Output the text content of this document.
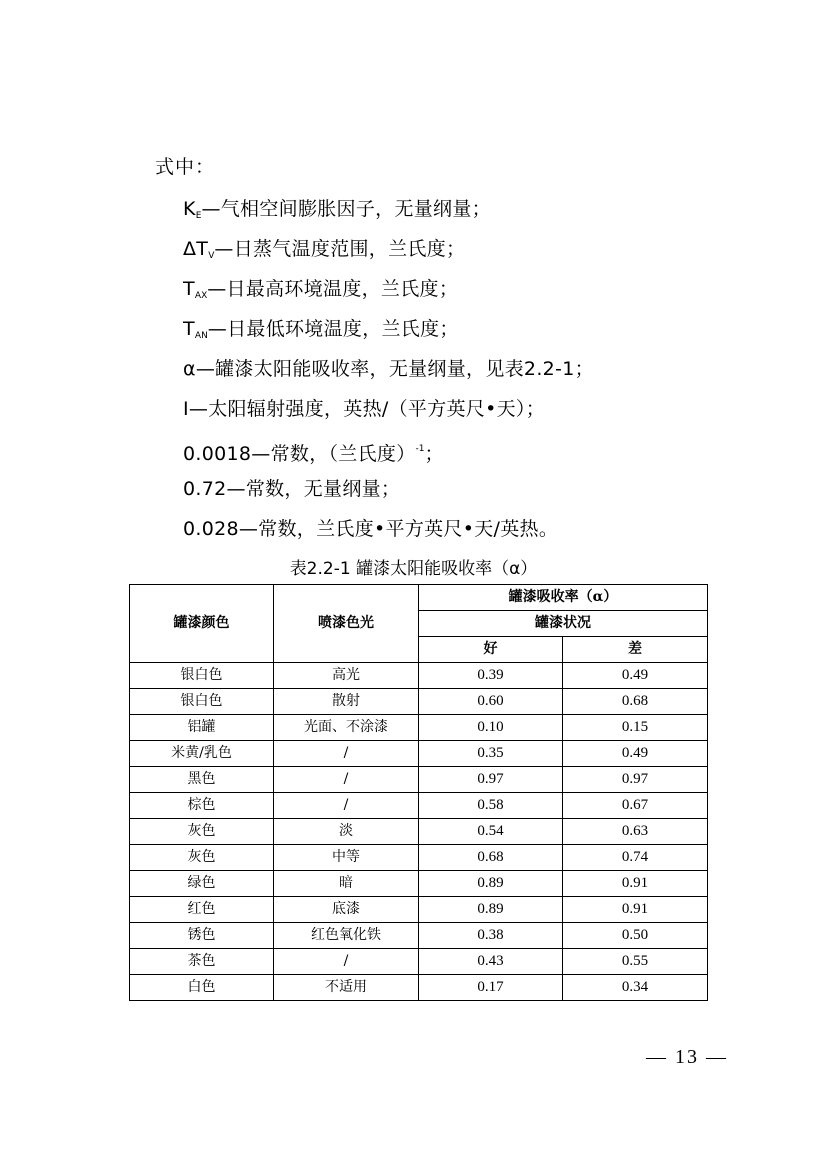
式中：
$K_E—$气相空间膨胀因子，无量纲量；
$\Delta T_V—$日蒸气温度范围，兰氏度；
$T_{AX}—$日最高环境温度，兰氏度；
$T_{AN}—$日最低环境温度，兰氏度；
α—罐漆太阳能吸收率，无量纲量，见表2.2-1；
I—太阳辐射强度，英热/（平方英尺•天）；
0.0018—常数，（兰氏度）$^{-1}$；
0.72—常数，无量纲量；
0.028—常数，兰氏度•平方英尺•天/英热。
表2.2-1 罐漆太阳能吸收率（α）
罐漆颜色	喷漆色光	罐漆吸收率（α）	
		罐漆状况	
		好	差
银白色	高光	0.39	0.49
银白色	散射	0.60	0.68
铝罐	光面、不涂漆	0.10	0.15
米黄/乳色	/	0.35	0.49
黑色	/	0.97	0.97
棕色	/	0.58	0.67
灰色	淡	0.54	0.63
灰色	中等	0.68	0.74
绿色	暗	0.89	0.91
红色	底漆	0.89	0.91
锈色	红色氧化铁	0.38	0.50
茶色	/	0.43	0.55
白色	不适用	0.17	0.34
— 13 —
